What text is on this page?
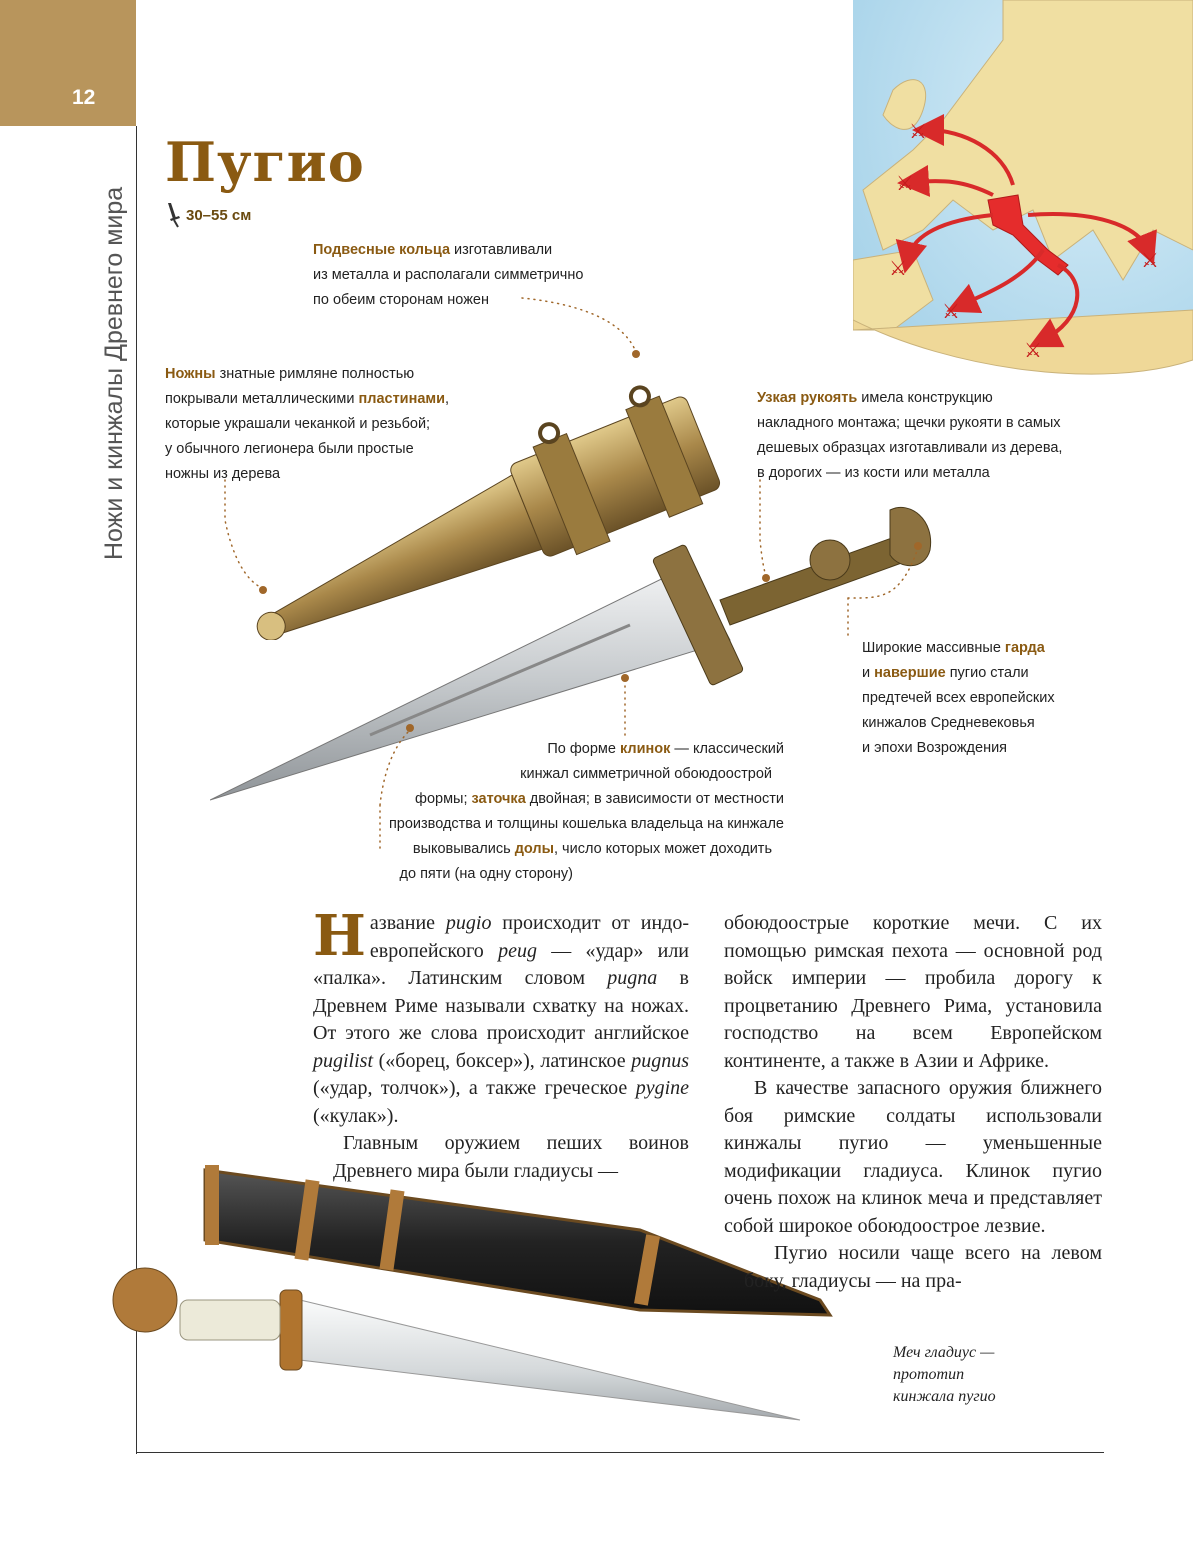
12
Ножи и кинжалы Древнего мира
⚔
⚔
⚔
⚔
⚔
⚔
Пугио
30–55 см
Подвесные кольца изготавливали
из металла и располагали симметрично
по обеим сторонам ножен
Ножны знатные римляне полностью
покрывали металлическими пластинами,
которые украшали чеканкой и резьбой;
у обычного легионера были простые
ножны из дерева
Узкая рукоять имела конструкцию
накладного монтажа; щечки рукояти в самых
дешевых образцах изготавливали из дерева,
в дорогих — из кости или металла
Широкие массивные гарда
и навершие пугио стали
предтечей всех европейских
кинжалов Средневековья
и эпохи Возрождения
По форме клинок — классический
кинжал симметричной обоюдоострой
формы; заточка двойная; в зависимости от местности
производства и толщины кошелька владельца на кинжале
выковывались долы, число которых может доходить
до пяти (на одну сторону)

Название pugio происходит от индо-европейского peug — «удар» или «палка». Латинским словом pugna в Древнем Риме называли схватку на ножах. От этого же слова происходит английское pugilist («борец, боксер»), латинское pugnus («удар, толчок»), а также греческое pygine («кулак»).

Главным оружием пеших воинов Древнего мира были гладиусы —

обоюдоострые короткие мечи. С их помощью римская пехота — основной род войск империи — пробила дорогу к процветанию Древнего Рима, установила господство на всем Европейском континенте, а также в Азии и Африке.

В качестве запасного оружия ближнего боя римские солдаты использовали кинжалы пугио — уменьшенные модификации гладиуса. Клинок пугио очень похож на клинок меча и представляет собой широкое обоюдоострое лезвие.

Пугио носили чаще всего на левом боку, гладиусы — на пра-

Меч гладиус —
прототип
кинжала пугио
